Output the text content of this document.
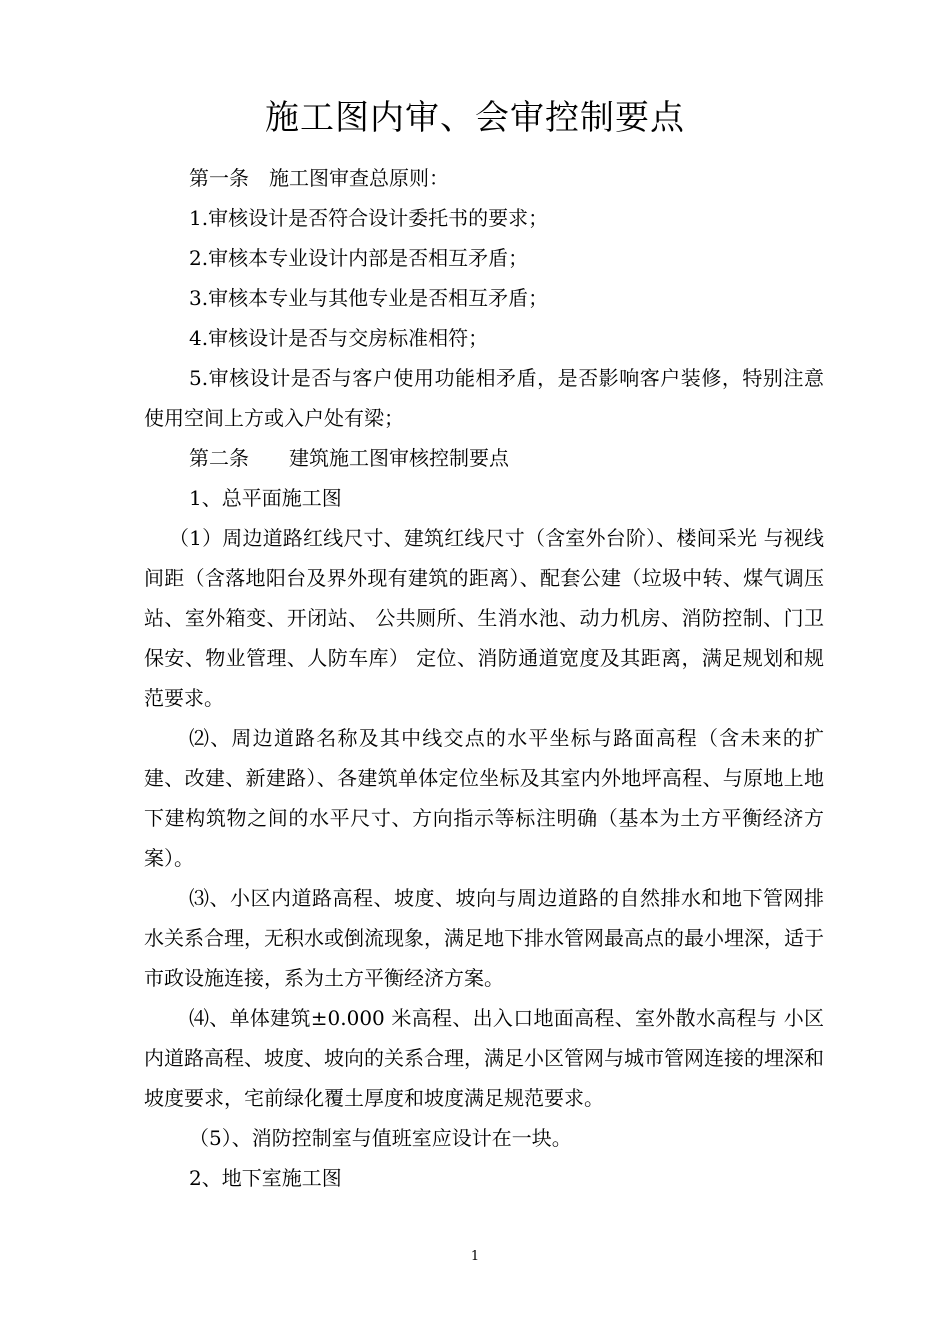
施工图内审、会审控制要点

第一条　施工图审查总原则：

1.审核设计是否符合设计委托书的要求；

2.审核本专业设计内部是否相互矛盾；

3.审核本专业与其他专业是否相互矛盾；

4.审核设计是否与交房标准相符；

5.审核设计是否与客户使用功能相矛盾，是否影响客户装修，特别注意使用空间上方或入户处有梁；

第二条　　建筑施工图审核控制要点

1、总平面施工图

（1）周边道路红线尺寸、建筑红线尺寸（含室外台阶）、楼间采光 与视线间距（含落地阳台及界外现有建筑的距离）、配套公建（垃圾中转、煤气调压站、室外箱变、开闭站、 公共厕所、生消水池、动力机房、消防控制、门卫保安、物业管理、人防车库） 定位、消防通道宽度及其距离，满足规划和规范要求。

⑵、周边道路名称及其中线交点的水平坐标与路面高程（含未来的扩建、改建、新建路）、各建筑单体定位坐标及其室内外地坪高程、与原地上地下建构筑物之间的水平尺寸、方向指示等标注明确（基本为土方平衡经济方案）。

⑶、小区内道路高程、坡度、坡向与周边道路的自然排水和地下管网排水关系合理，无积水或倒流现象，满足地下排水管网最高点的最小埋深，适于市政设施连接，系为土方平衡经济方案。

⑷、单体建筑±0.000 米高程、出入口地面高程、室外散水高程与 小区内道路高程、坡度、坡向的关系合理，满足小区管网与城市管网连接的埋深和坡度要求，宅前绿化覆土厚度和坡度满足规范要求。

（5）、消防控制室与值班室应设计在一块。

2、地下室施工图

1
